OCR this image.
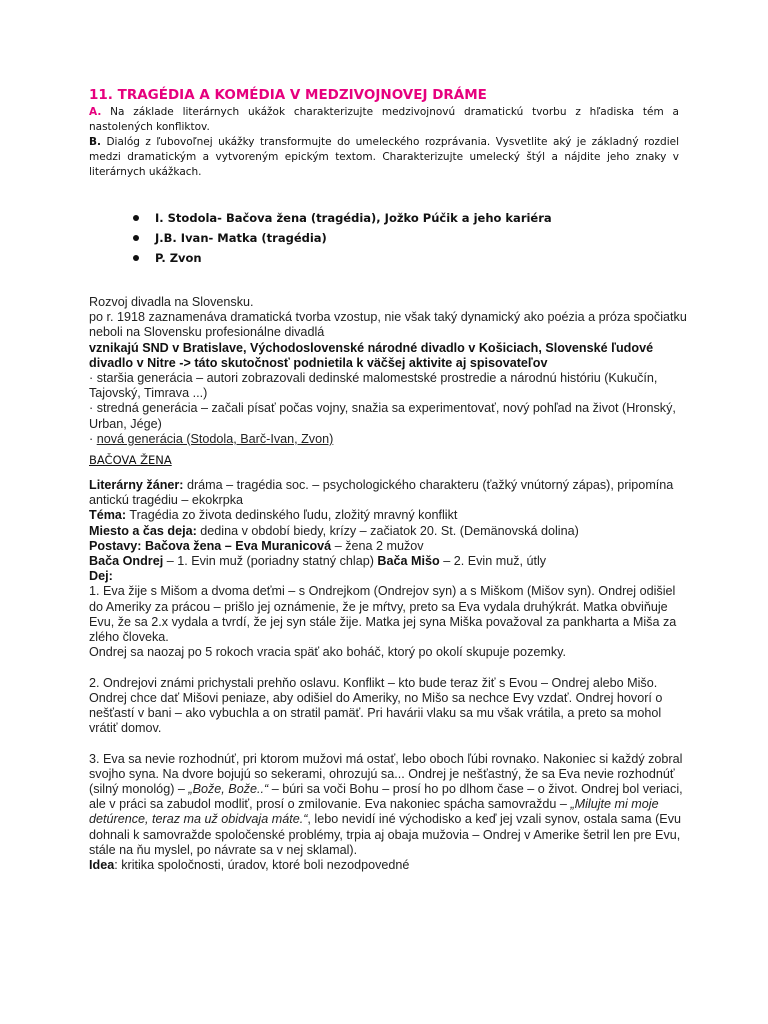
11. TRAGÉDIA A KOMÉDIA V MEDZIVOJNOVEJ DRÁME

A. Na základe literárnych ukážok charakterizujte medzivojnovú dramatickú tvorbu z hľadiska tém a nastolených konfliktov.

B. Dialóg z ľubovoľnej ukážky transformujte do umeleckého rozprávania. Vysvetlite aký je základný rozdiel medzi dramatickým a vytvoreným epickým textom. Charakterizujte umelecký štýl a nájdite jeho znaky v literárnych ukážkach.

I. Stodola- Bačova žena (tragédia), Jožko Púčik a jeho kariéra
J.B. Ivan- Matka (tragédia)
P. Zvon

Rozvoj divadla na Slovensku.

po r. 1918 zaznamenáva dramatická tvorba vzostup, nie však taký dynamický ako poézia a próza spočiatku neboli na Slovensku profesionálne divadlá

vznikajú SND v Bratislave, Východoslovenské národné divadlo v Košiciach, Slovenské ľudové divadlo v Nitre -> táto skutočnosť podnietila k väčšej aktivite aj spisovateľov

· staršia generácia – autori zobrazovali dedinské malomestské prostredie a národnú históriu (Kukučín, Tajovský, Timrava ...)

· stredná generácia – začali písať počas vojny, snažia sa experimentovať, nový pohľad na život (Hronský, Urban, Jége)

· nová generácia (Stodola, Barč-Ivan, Zvon)

BAČOVA ŽENA

Literárny žáner: dráma – tragédia soc. – psychologického charakteru (ťažký vnútorný zápas), pripomína antickú tragédiu – ekokrpka

Téma: Tragédia zo života dedinského ľudu, zložitý mravný konflikt

Miesto a čas deja: dedina v období biedy, krízy – začiatok 20. St. (Demänovská dolina)

Postavy: Bačova žena – Eva Muranicová – žena 2 mužov

Bača Ondrej – 1. Evin muž (poriadny statný chlap) Bača Mišo – 2. Evin muž, útly

Dej:

1. Eva žije s Mišom a dvoma deťmi – s Ondrejkom (Ondrejov syn) a s Miškom (Mišov syn). Ondrej odišiel do Ameriky za prácou – prišlo jej oznámenie, že je mŕtvy, preto sa Eva vydala druhýkrát. Matka obviňuje Evu, že sa 2.x vydala a tvrdí, že jej syn stále žije. Matka jej syna Miška považoval za pankharta a Miša za zlého človeka.

Ondrej sa naozaj po 5 rokoch vracia späť ako boháč, ktorý po okolí skupuje pozemky.

2. Ondrejovi známi prichystali prehňo oslavu. Konflikt – kto bude teraz žiť s Evou – Ondrej alebo Mišo. Ondrej chce dať Mišovi peniaze, aby odišiel do Ameriky, no Mišo sa nechce Evy vzdať. Ondrej hovorí o nešťastí v bani – ako vybuchla a on stratil pamäť. Pri havárii vlaku sa mu však vrátila, a preto sa mohol vrátiť domov.

3. Eva sa nevie rozhodnúť, pri ktorom mužovi má ostať, lebo oboch ľúbi rovnako. Nakoniec si každý zobral svojho syna. Na dvore bojujú so sekerami, ohrozujú sa... Ondrej je nešťastný, že sa Eva nevie rozhodnúť (silný monológ) – „Bože, Bože..“ – búri sa voči Bohu – prosí ho po dlhom čase – o život. Ondrej bol veriaci, ale v práci sa zabudol modliť, prosí o zmilovanie. Eva nakoniec spácha samovraždu – „Milujte mi moje detúrence, teraz ma už obidvaja máte.“, lebo nevidí iné východisko a keď jej vzali synov, ostala sama (Evu dohnali k samovražde spoločenské problémy, trpia aj obaja mužovia – Ondrej v Amerike šetril len pre Evu, stále na ňu myslel, po návrate sa v nej sklamal).

Idea: kritika spoločnosti, úradov, ktoré boli nezodpovedné
